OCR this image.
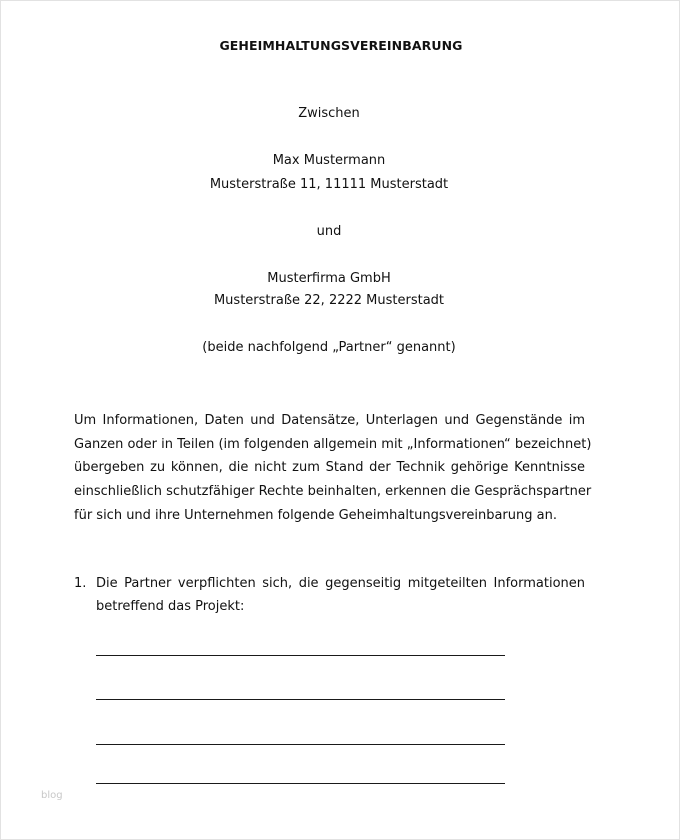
GEHEIMHALTUNGSVEREINBARUNG
Zwischen
Max Mustermann
Musterstraße 11, 11111 Musterstadt
und
Musterfirma GmbH
Musterstraße 22, 2222 Musterstadt
(beide nachfolgend „Partner“ genannt)
Um Informationen, Daten und Datensätze, Unterlagen und Gegenstände im
Ganzen oder in Teilen (im folgenden allgemein mit „Informationen“ bezeichnet)
übergeben zu können, die nicht zum Stand der Technik gehörige Kenntnisse
einschließlich schutzfähiger Rechte beinhalten, erkennen die Gesprächspartner
für sich und ihre Unternehmen folgende Geheimhaltungsvereinbarung an.
1. Die Partner verpflichten sich, die gegenseitig mitgeteilten Informationen
betreffend das Projekt:
blog
